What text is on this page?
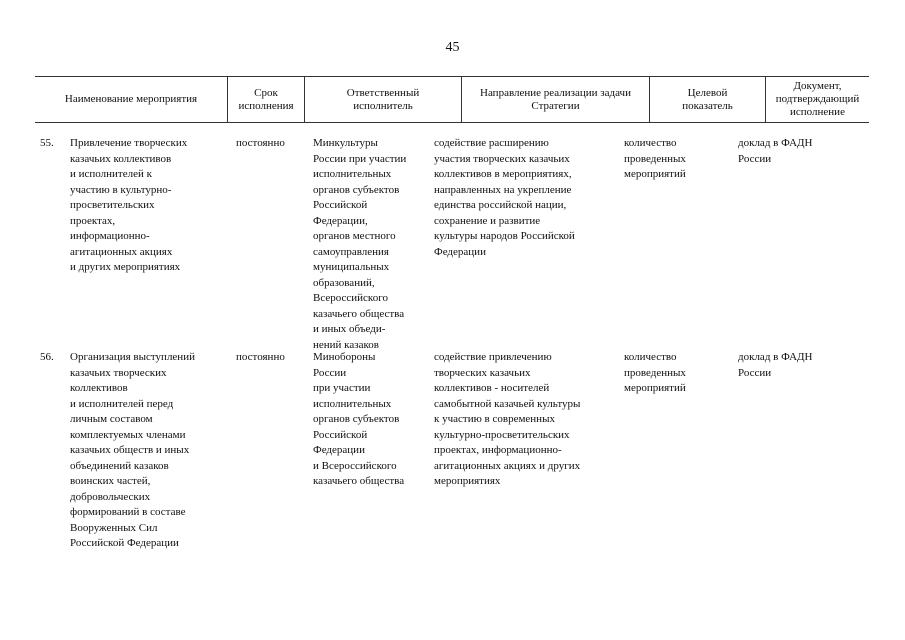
45
Наименование мероприятия
Срок
исполнения
Ответственный
исполнитель
Направление реализации задачи
Стратегии
Целевой
показатель
Документ,
подтверждающий
исполнение
55. Привлечение творческих
казачьих коллективов
и исполнителей к
участию в культурно-
просветительских
проектах,
информационно-
агитационных акциях
и других мероприятиях
постоянно	Минкультуры
России при участии
исполнительных
органов субъектов
Российской
Федерации,
органов местного
самоуправления
муниципальных
образований,
Всероссийского
казачьего общества
и иных объеди-
нений казаков
содействие расширению
участия творческих казачьих
коллективов в мероприятиях,
направленных на укрепление
единства российской нации,
сохранение и развитие
культуры народов Российской
Федерации
количество
проведенных
мероприятий
доклад в ФАДН
России
56. Организация выступлений
казачьих творческих
коллективов
и исполнителей перед
личным составом
комплектуемых членами
казачьих обществ и иных
объединений казаков
воинских частей,
добровольческих
формирований в составе
Вооруженных Сил
Российской Федерации
постоянно	Минобороны
России
при участии
исполнительных
органов субъектов
Российской
Федерации
и Всероссийского
казачьего общества
содействие привлечению
творческих казачьих
коллективов - носителей
самобытной казачьей культуры
к участию в современных
культурно-просветительских
проектах, информационно-
агитационных акциях и других
мероприятиях
количество
проведенных
мероприятий
доклад в ФАДН
России
